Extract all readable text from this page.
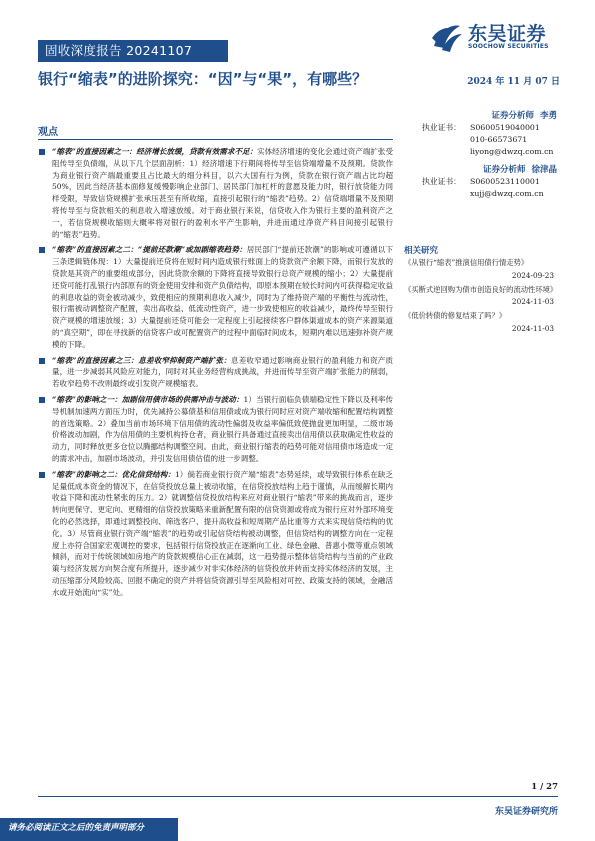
固收深度报告 20241107
东吴证券
SOOCHOW SECURITIES
银行“缩表”的进阶探究：“因”与“果”，有哪些？	2024 年 11 月 07 日
观点
“缩表”的直接因素之一：经济增长放缓，贷款有效需求不足：实体经济增速的变化会通过资产端扩张受阻传导至负债端，从以下几个层面剖析：1）经济增速下行期间将传导至信贷端增量不及预期。贷款作为商业银行资产端最重要且占比最大的细分科目，以六大国有行为例，贷款在银行资产端占比均超 50%，因此当经济基本面修复缓慢影响企业部门、居民部门加杠杆的意愿及能力时，银行放贷能力同样受限，导致信贷规模扩张承压甚至有所收缩，直接引起银行的“缩表”趋势。2）信贷端增量不及预期将传导至与贷款相关的利息收入增速放缓。对于商业银行来说，信贷收入作为银行主要的盈利资产之一，若信贷规模收缩则大概率将对银行的盈利水平产生影响，并进而通过净资产科目间接引起银行的“缩表”趋势。
“缩表”的直接因素之二：“提前还款潮”或加剧缩表趋势：居民部门“提前还款潮”的影响或可遵循以下三条逻辑链体现：1）大量提前还贷将在短时间内造成银行账面上的贷款资产余额下降，而银行发放的贷款是其资产的重要组成部分，因此贷款余额的下降将直接导致银行总资产规模的缩小；2）大量提前还贷可能打乱银行内部原有的资金使用安排和资产负债结构，即原本预期在较长时间内可获得稳定收益的利息收益的资金被动减少，致使相应的预期利息收入减少，同时为了维持资产端的平衡性与流动性，银行需被动调整资产配置，卖出高收益、低流动性资产，进一步致使相应的收益减少，最终传导至银行资产规模的增速放缓；3）大量提前还贷可能会一定程度上引起接续客户群体渠道成本的资产来源渠道的“真空期”，即在寻找新的信贷客户或可配置资产的过程中面临时间成本，短期内难以迅速弥补资产规模的下降。
“缩表”的直接因素之三：息差收窄抑制资产端扩张：息差收窄通过影响商业银行的盈利能力和资产质量，进一步减弱其风险应对能力，同时对其业务经营构成挑战，并进而传导至资产端扩张能力的削弱，若收窄趋势不改则最终或引发资产规模缩表。
“缩表”的影响之一：加剧信用债市场的供需冲击与波动：1）当银行面临负债端稳定性下降以及利率传导机制加速两方面压力时，优先减持公募债基和信用债或成为银行同时应对资产端收缩和配置结构调整的首选策略。2）叠加当前市场环境下信用债的流动性偏弱及收益率偏低致使抛盘更加明显，二级市场价格波动加剧，作为信用债的主要机构持仓者，商业银行具备通过直接卖出信用债以获取确定性收益的动力，同时释放更多仓位以腾挪结构调整空间。由此，商业银行缩表的趋势可能对信用债市场造成一定的需求冲击，加剧市场波动，并引发信用债估值的进一步调整。
“缩表”的影响之二：优化信贷结构：1）倘若商业银行资产端“缩表”态势延续，或导致银行体系在缺乏足量低成本资金的情况下，在信贷投放总量上被动收缩，在信贷投放结构上趋于谨慎，从而缓解长期内收益下降和流动性紧张的压力。2）就调整信贷投放结构来应对商业银行“缩表”带来的挑战而言，逐步转向更保守、更定向、更精细的信贷投放策略来重新配置有限的信贷资源或将成为银行应对外部环境变化的必然选择，即通过调整投向、筛选客户、提升高收益和短周期产品比重等方式来实现信贷结构的优化。3）尽管商业银行资产端“缩表”的趋势或引起信贷结构被动调整，但信贷结构的调整方向在一定程度上亦符合国家宏观调控的要求，包括银行信贷投放正在逐渐向工业、绿色金融、普惠小微等重点领域倾斜，而对于传统领域如房地产的贷款规模信心正在减弱，这一趋势提示整体信贷结构与当前的产业政策与经济发展方向契合度有所提升，逐步减少对非实体经济的信贷投放并转而支持实体经济的发展，主动压缩部分风险较高、回报不确定的资产并将信贷资源引导至风险相对可控、政策支持的领域，金融活水或开始流向“实”处。
证券分析师 李勇
执业证书：	S0600519040001
010-66573671
liyong@dwzq.com.cn
证券分析师 徐津晶
执业证书：	S0600523110001
xujj@dwzq.com.cn
相关研究
《从银行“缩表”推演信用债行情走势》
2024-09-23
《买断式逆回购为债市创造良好的流动性环境》
2024-11-03
《低价转债的修复结束了吗？》
2024-11-03
1 / 27
东吴证券研究所
请务必阅读正文之后的免责声明部分
